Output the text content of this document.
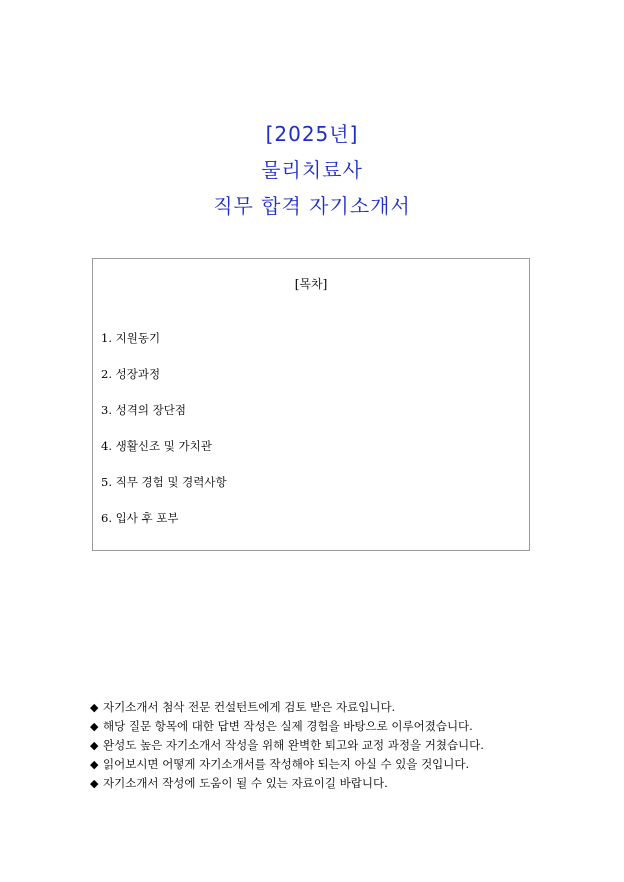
[2025년]
물리치료사
직무 합격 자기소개서
[목차]
1. 지원동기
2. 성장과정
3. 성격의 장단점
4. 생활신조 및 가치관
5. 직무 경험 및 경력사항
6. 입사 후 포부
◆ 자기소개서 첨삭 전문 컨설턴트에게 검토 받은 자료입니다.
◆ 해당 질문 항목에 대한 답변 작성은 실제 경험을 바탕으로 이루어졌습니다.
◆ 완성도 높은 자기소개서 작성을 위해 완벽한 퇴고와 교정 과정을 거쳤습니다.
◆ 읽어보시면 어떻게 자기소개서를 작성해야 되는지 아실 수 있을 것입니다.
◆ 자기소개서 작성에 도움이 될 수 있는 자료이길 바랍니다.
